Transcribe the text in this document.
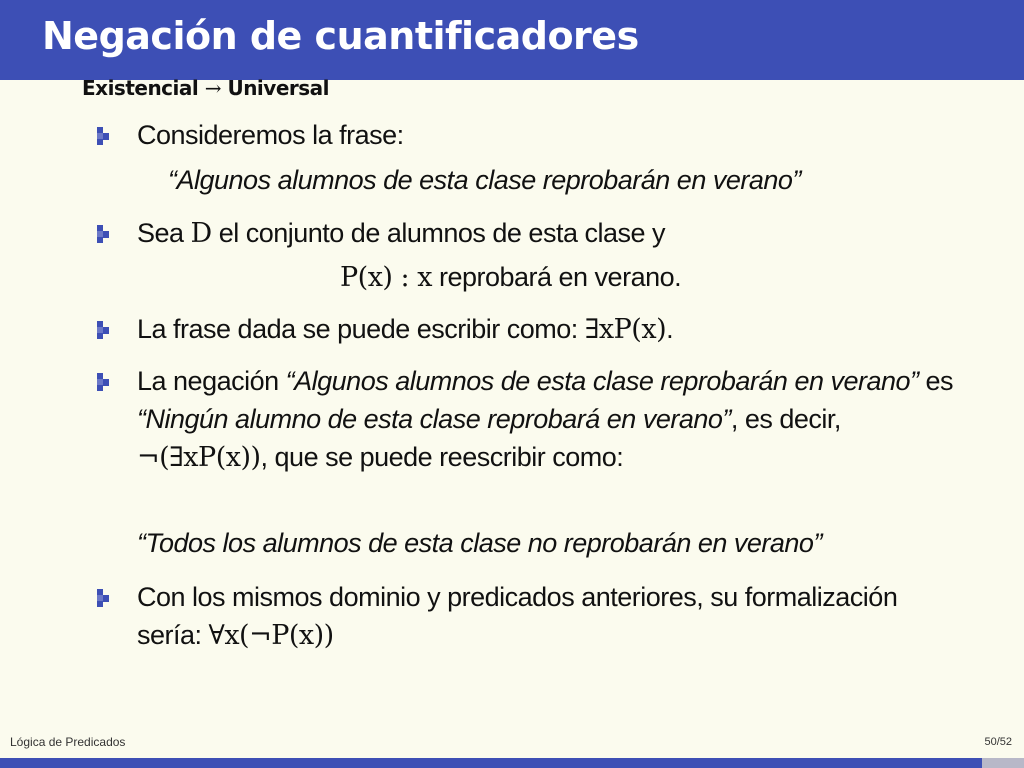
Negación de cuantificadores
Existencial → Universal
Consideremos la frase:
“Algunos alumnos de esta clase reprobarán en verano”
Sea D el conjunto de alumnos de esta clase y
P(x) : x reprobará en verano.
La frase dada se puede escribir como: ∃xP(x).
La negación “Algunos alumnos de esta clase reprobarán en verano” es “Ningún alumno de esta clase reprobará en verano”, es decir, ¬(∃xP(x)), que se puede reescribir como:
“Todos los alumnos de esta clase no reprobarán en verano”
Con los mismos dominio y predicados anteriores, su formalización sería: ∀x(¬P(x))
Lógica de Predicados	50/52
